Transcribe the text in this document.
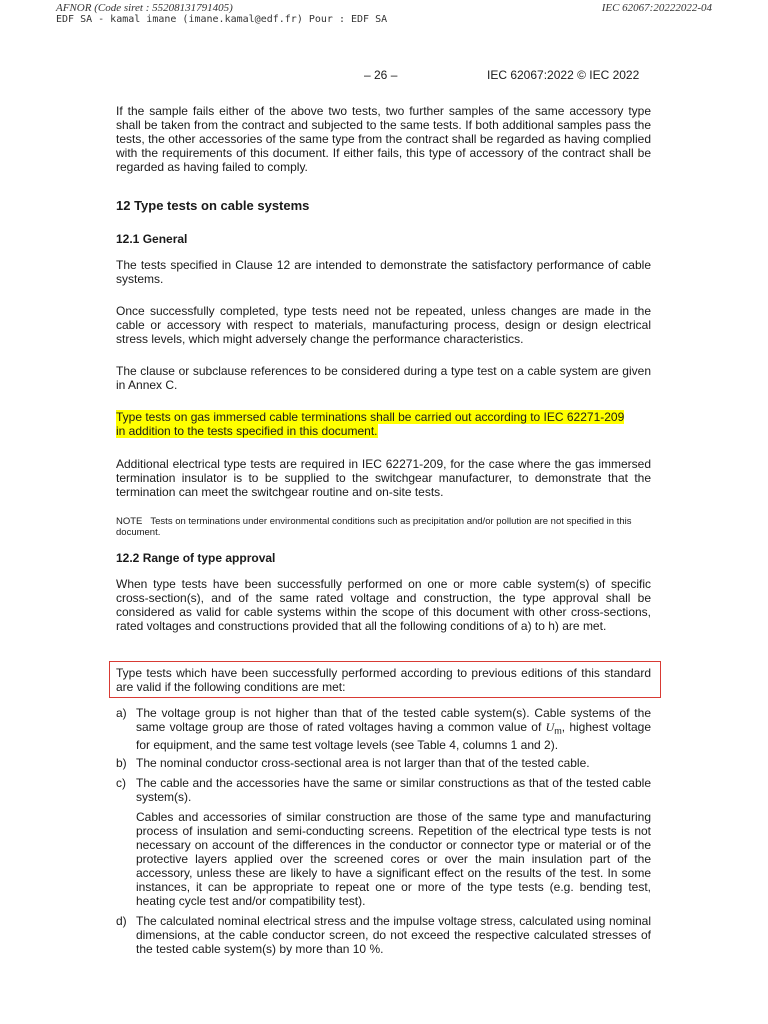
AFNOR (Code siret : 55208131791405)
EDF SA - kamal imane (imane.kamal@edf.fr) Pour : EDF SA
IEC 62067:20222022-04
– 26 –	IEC 62067:2022 © IEC 2022
If the sample fails either of the above two tests, two further samples of the same accessory type shall be taken from the contract and subjected to the same tests. If both additional samples pass the tests, the other accessories of the same type from the contract shall be regarded as having complied with the requirements of this document. If either fails, this type of accessory of the contract shall be regarded as having failed to comply.
12 Type tests on cable systems
12.1 General
The tests specified in Clause 12 are intended to demonstrate the satisfactory performance of cable systems.
Once successfully completed, type tests need not be repeated, unless changes are made in the cable or accessory with respect to materials, manufacturing process, design or design electrical stress levels, which might adversely change the performance characteristics.
The clause or subclause references to be considered during a type test on a cable system are given in Annex C.
Type tests on gas immersed cable terminations shall be carried out according to IEC 62271-209
in addition to the tests specified in this document.
Additional electrical type tests are required in IEC 62271-209, for the case where the gas immersed termination insulator is to be supplied to the switchgear manufacturer, to demonstrate that the termination can meet the switchgear routine and on-site tests.
NOTE Tests on terminations under environmental conditions such as precipitation and/or pollution are not specified in this document.
12.2 Range of type approval
When type tests have been successfully performed on one or more cable system(s) of specific cross-section(s), and of the same rated voltage and construction, the type approval shall be considered as valid for cable systems within the scope of this document with other cross-sections, rated voltages and constructions provided that all the following conditions of a) to h) are met.
Type tests which have been successfully performed according to previous editions of this standard are valid if the following conditions are met:
a) The voltage group is not higher than that of the tested cable system(s). Cable systems of the same voltage group are those of rated voltages having a common value of $U_m$, highest voltage for equipment, and the same test voltage levels (see Table 4, columns 1 and 2).
b) The nominal conductor cross-sectional area is not larger than that of the tested cable.
c) The cable and the accessories have the same or similar constructions as that of the tested cable system(s).
Cables and accessories of similar construction are those of the same type and manufacturing process of insulation and semi-conducting screens. Repetition of the electrical type tests is not necessary on account of the differences in the conductor or connector type or material or of the protective layers applied over the screened cores or over the main insulation part of the accessory, unless these are likely to have a significant effect on the results of the test. In some instances, it can be appropriate to repeat one or more of the type tests (e.g. bending test, heating cycle test and/or compatibility test).
d) The calculated nominal electrical stress and the impulse voltage stress, calculated using nominal dimensions, at the cable conductor screen, do not exceed the respective calculated stresses of the tested cable system(s) by more than 10 %.
